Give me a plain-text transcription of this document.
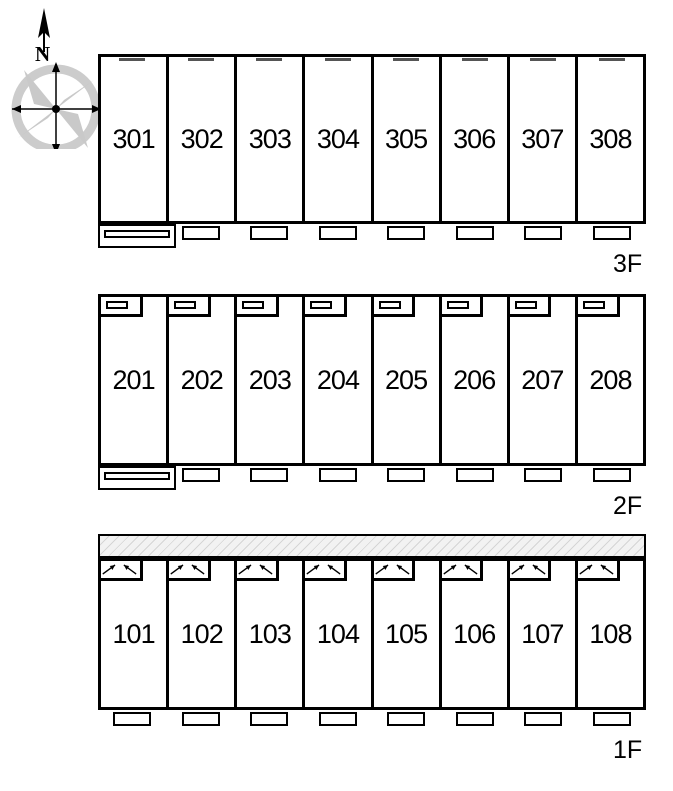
N
301 302 303 304 305 306 307 308
3F
201 202 203 204 205 206 207 208
2F
101 102 103 104 105 106 107 108
1F
